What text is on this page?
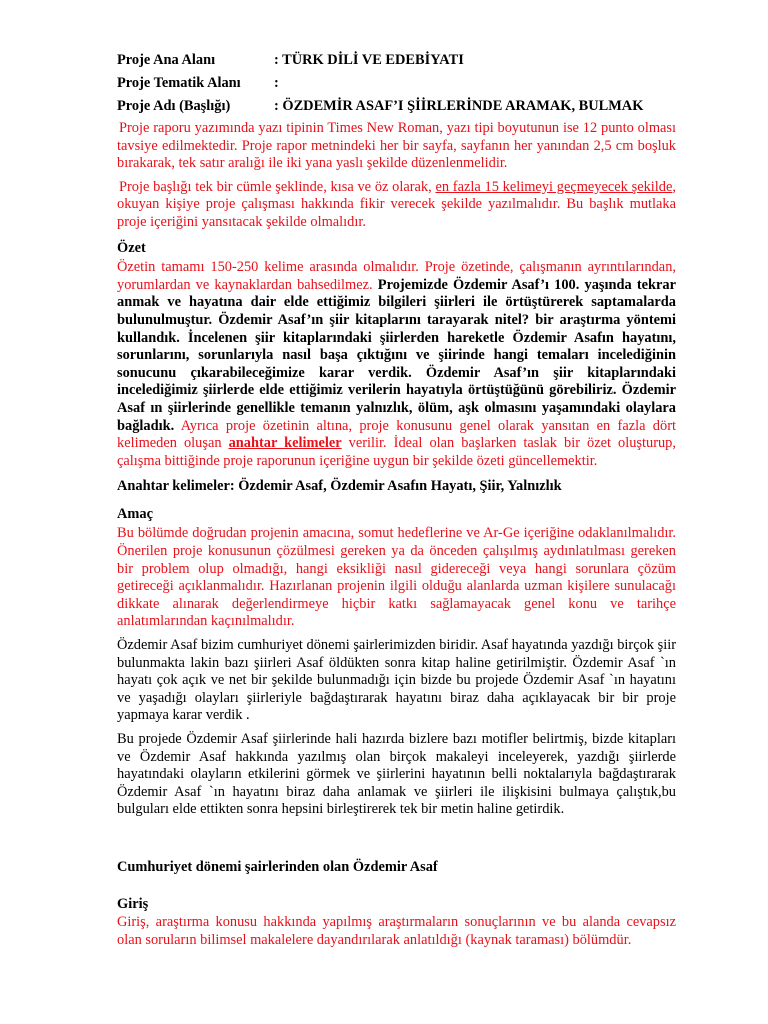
Proje Ana Alanı	: TÜRK DİLİ VE EDEBİYATI
Proje Tematik Alanı	:
Proje Adı (Başlığı)	: ÖZDEMİR ASAF’I ŞİİRLERİNDE ARAMAK, BULMAK

Proje raporu yazımında yazı tipinin Times New Roman, yazı tipi boyutunun ise 12 punto olması tavsiye edilmektedir. Proje rapor metnindeki her bir sayfa, sayfanın her yanından 2,5 cm boşluk bırakarak, tek satır aralığı ile iki yana yaslı şekilde düzenlenmelidir.

Proje başlığı tek bir cümle şeklinde, kısa ve öz olarak, en fazla 15 kelimeyi geçmeyecek şekilde, okuyan kişiye proje çalışması hakkında fikir verecek şekilde yazılmalıdır. Bu başlık mutlaka proje içeriğini yansıtacak şekilde olmalıdır.

Özet

Özetin tamamı 150-250 kelime arasında olmalıdır. Proje özetinde, çalışmanın ayrıntılarından, yorumlardan ve kaynaklardan bahsedilmez. Projemizde Özdemir Asaf’ı 100. yaşında tekrar anmak ve hayatına dair elde ettiğimiz bilgileri şiirleri ile örtüştürerek saptamalarda bulunulmuştur. Özdemir Asaf’ın şiir kitaplarını tarayarak nitel? bir araştırma yöntemi kullandık. İncelenen şiir kitaplarındaki şiirlerden hareketle Özdemir Asafın hayatını, sorunlarını, sorunlarıyla nasıl başa çıktığını ve şiirinde hangi temaları incelediğinin sonucunu çıkarabileceğimize karar verdik. Özdemir Asaf’ın şiir kitaplarındaki incelediğimiz şiirlerde elde ettiğimiz verilerin hayatıyla örtüştüğünü görebiliriz. Özdemir Asaf ın şiirlerinde genellikle temanın yalnızlık, ölüm, aşk olmasını yaşamındaki olaylara bağladık. Ayrıca proje özetinin altına, proje konusunu genel olarak yansıtan en fazla dört kelimeden oluşan anahtar kelimeler verilir. İdeal olan başlarken taslak bir özet oluşturup, çalışma bittiğinde proje raporunun içeriğine uygun bir şekilde özeti güncellemektir.

Anahtar kelimeler: Özdemir Asaf, Özdemir Asafın Hayatı, Şiir, Yalnızlık
Amaç

Bu bölümde doğrudan projenin amacına, somut hedeflerine ve Ar-Ge içeriğine odaklanılmalıdır. Önerilen proje konusunun çözülmesi gereken ya da önceden çalışılmış aydınlatılması gereken bir problem olup olmadığı, hangi eksikliği nasıl gidereceği veya hangi sorunlara çözüm getireceği açıklanmalıdır. Hazırlanan projenin ilgili olduğu alanlarda uzman kişilere sunulacağı dikkate alınarak değerlendirmeye hiçbir katkı sağlamayacak genel konu ve tarihçe anlatımlarından kaçınılmalıdır.

Özdemir Asaf bizim cumhuriyet dönemi şairlerimizden biridir. Asaf hayatında yazdığı birçok şiir bulunmakta lakin bazı şiirleri Asaf öldükten sonra kitap haline getirilmiştir. Özdemir Asaf `ın hayatı çok açık ve net bir şekilde bulunmadığı için bizde bu projede Özdemir Asaf `ın hayatını ve yaşadığı olayları şiirleriyle bağdaştırarak hayatını biraz daha açıklayacak bir bir proje yapmaya karar verdik .

Bu projede Özdemir Asaf şiirlerinde hali hazırda bizlere bazı motifler belirtmiş, bizde kitapları ve Özdemir Asaf hakkında yazılmış olan birçok makaleyi inceleyerek, yazdığı şiirlerde hayatındaki olayların etkilerini görmek ve şiirlerini hayatının belli noktalarıyla bağdaştırarak Özdemir Asaf `ın hayatını biraz daha anlamak ve şiirleri ile ilişkisini bulmaya çalıştık,bu bulguları elde ettikten sonra hepsini birleştirerek tek bir metin haline getirdik.

Cumhuriyet dönemi şairlerinden olan Özdemir Asaf
Giriş

Giriş, araştırma konusu hakkında yapılmış araştırmaların sonuçlarının ve bu alanda cevapsız olan soruların bilimsel makalelere dayandırılarak anlatıldığı (kaynak taraması) bölümdür.
